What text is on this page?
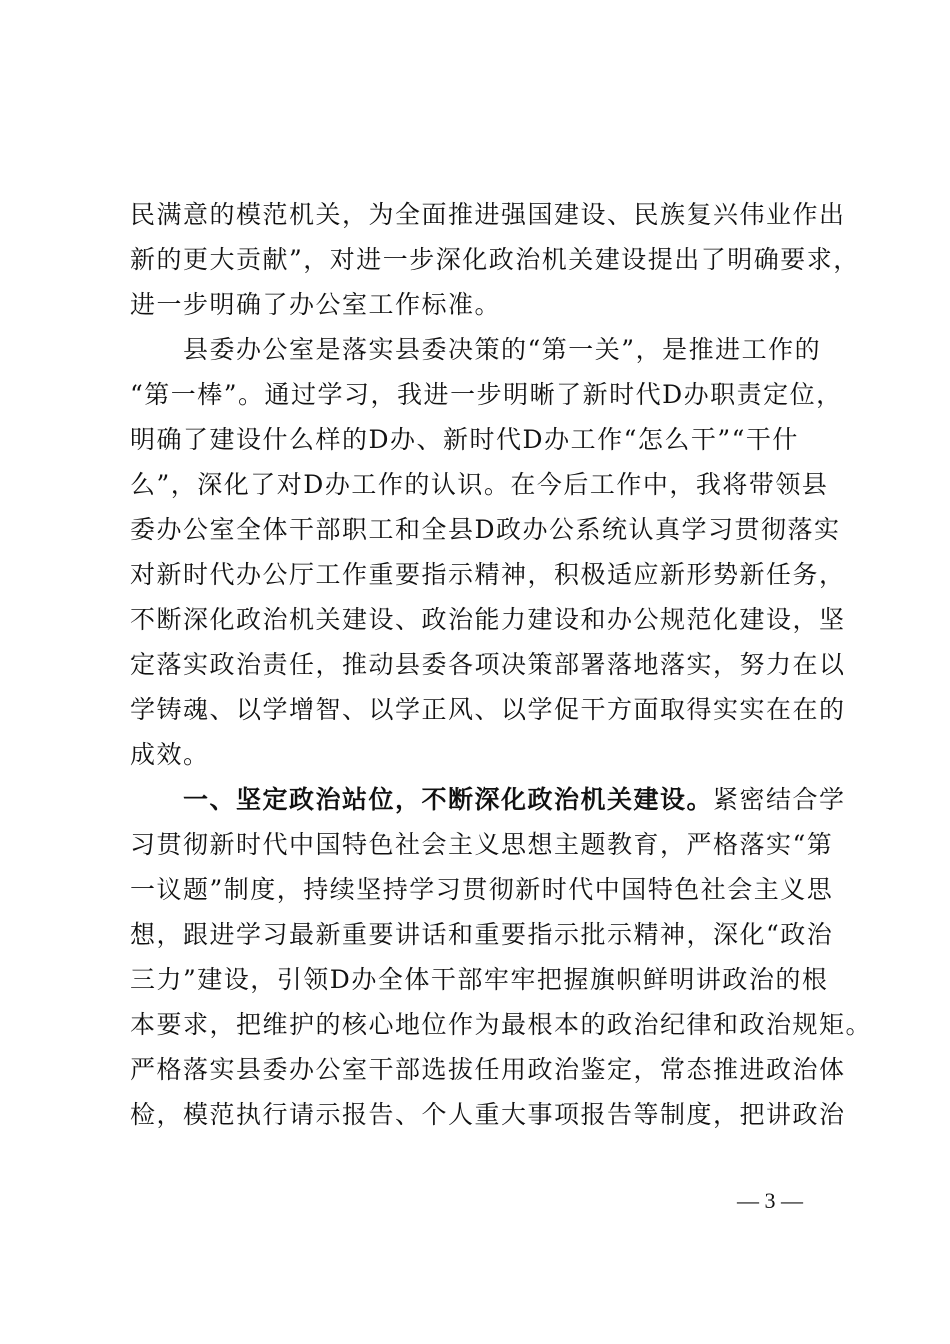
民满意的模范机关，为全面推进强国建设、民族复兴伟业作出
新的更大贡献”，对进一步深化政治机关建设提出了明确要求，
进一步明确了办公室工作标准。
　　县委办公室是落实县委决策的“第一关”，是推进工作的
“第一棒”。通过学习，我进一步明晰了新时代D办职责定位，
明确了建设什么样的D办、新时代D办工作“怎么干”“干什
么”，深化了对D办工作的认识。在今后工作中，我将带领县
委办公室全体干部职工和全县D政办公系统认真学习贯彻落实
对新时代办公厅工作重要指示精神，积极适应新形势新任务，
不断深化政治机关建设、政治能力建设和办公规范化建设，坚
定落实政治责任，推动县委各项决策部署落地落实，努力在以
学铸魂、以学增智、以学正风、以学促干方面取得实实在在的
成效。
　　一、坚定政治站位，不断深化政治机关建设。紧密结合学
习贯彻新时代中国特色社会主义思想主题教育，严格落实“第
一议题”制度，持续坚持学习贯彻新时代中国特色社会主义思
想，跟进学习最新重要讲话和重要指示批示精神，深化“政治
三力”建设，引领D办全体干部牢牢把握旗帜鲜明讲政治的根
本要求，把维护的核心地位作为最根本的政治纪律和政治规矩。
严格落实县委办公室干部选拔任用政治鉴定，常态推进政治体
检，模范执行请示报告、个人重大事项报告等制度，把讲政治
— 3 —
